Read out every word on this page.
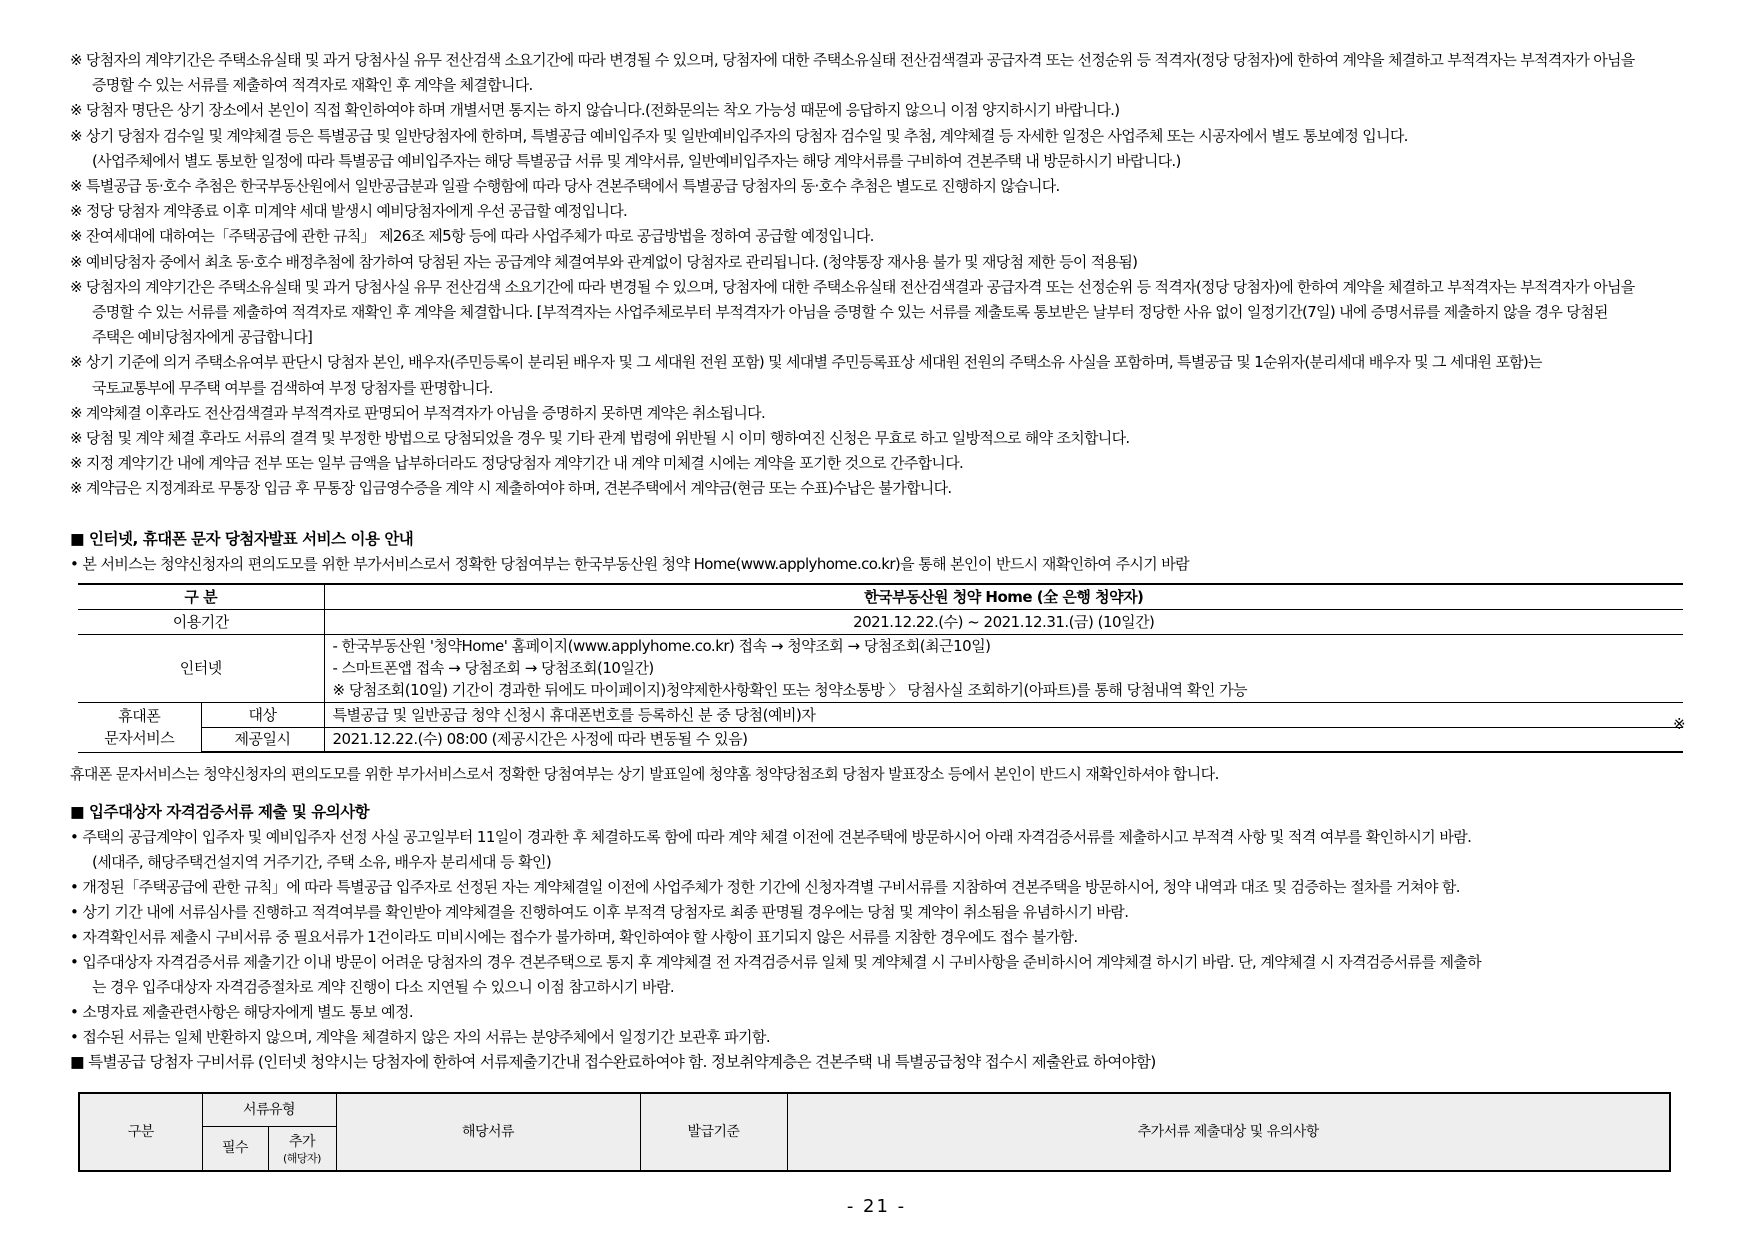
※ 당첨자의 계약기간은 주택소유실태 및 과거 당첨사실 유무 전산검색 소요기간에 따라 변경될 수 있으며, 당첨자에 대한 주택소유실태 전산검색결과 공급자격 또는 선정순위 등 적격자(정당 당첨자)에 한하여 계약을 체결하고 부적격자는 부적격자가 아님을
증명할 수 있는 서류를 제출하여 적격자로 재확인 후 계약을 체결합니다.
※ 당첨자 명단은 상기 장소에서 본인이 직접 확인하여야 하며 개별서면 통지는 하지 않습니다.(전화문의는 착오 가능성 때문에 응답하지 않으니 이점 양지하시기 바랍니다.)
※ 상기 당첨자 검수일 및 계약체결 등은 특별공급 및 일반당첨자에 한하며, 특별공급 예비입주자 및 일반예비입주자의 당첨자 검수일 및 추첨, 계약체결 등 자세한 일정은 사업주체 또는 시공자에서 별도 통보예정 입니다.
(사업주체에서 별도 통보한 일정에 따라 특별공급 예비입주자는 해당 특별공급 서류 및 계약서류, 일반예비입주자는 해당 계약서류를 구비하여 견본주택 내 방문하시기 바랍니다.)
※ 특별공급 동·호수 추첨은 한국부동산원에서 일반공급분과 일괄 수행함에 따라 당사 견본주택에서 특별공급 당첨자의 동·호수 추첨은 별도로 진행하지 않습니다.
※ 정당 당첨자 계약종료 이후 미계약 세대 발생시 예비당첨자에게 우선 공급할 예정입니다.
※ 잔여세대에 대하여는「주택공급에 관한 규칙」 제26조 제5항 등에 따라 사업주체가 따로 공급방법을 정하여 공급할 예정입니다.
※ 예비당첨자 중에서 최초 동·호수 배정추첨에 참가하여 당첨된 자는 공급계약 체결여부와 관계없이 당첨자로 관리됩니다. (청약통장 재사용 불가 및 재당첨 제한 등이 적용됨)
※ 당첨자의 계약기간은 주택소유실태 및 과거 당첨사실 유무 전산검색 소요기간에 따라 변경될 수 있으며, 당첨자에 대한 주택소유실태 전산검색결과 공급자격 또는 선정순위 등 적격자(정당 당첨자)에 한하여 계약을 체결하고 부적격자는 부적격자가 아님을
증명할 수 있는 서류를 제출하여 적격자로 재확인 후 계약을 체결합니다. [부적격자는 사업주체로부터 부적격자가 아님을 증명할 수 있는 서류를 제출토록 통보받은 날부터 정당한 사유 없이 일정기간(7일) 내에 증명서류를 제출하지 않을 경우 당첨된
주택은 예비당첨자에게 공급합니다]
※ 상기 기준에 의거 주택소유여부 판단시 당첨자 본인, 배우자(주민등록이 분리된 배우자 및 그 세대원 전원 포함) 및 세대별 주민등록표상 세대원 전원의 주택소유 사실을 포함하며, 특별공급 및 1순위자(분리세대 배우자 및 그 세대원 포함)는
국토교통부에 무주택 여부를 검색하여 부정 당첨자를 판명합니다.
※ 계약체결 이후라도 전산검색결과 부적격자로 판명되어 부적격자가 아님을 증명하지 못하면 계약은 취소됩니다.
※ 당첨 및 계약 체결 후라도 서류의 결격 및 부정한 방법으로 당첨되었을 경우 및 기타 관계 법령에 위반될 시 이미 행하여진 신청은 무효로 하고 일방적으로 해약 조치합니다.
※ 지정 계약기간 내에 계약금 전부 또는 일부 금액을 납부하더라도 정당당첨자 계약기간 내 계약 미체결 시에는 계약을 포기한 것으로 간주합니다.
※ 계약금은 지정계좌로 무통장 입금 후 무통장 입금영수증을 계약 시 제출하여야 하며, 견본주택에서 계약금(현금 또는 수표)수납은 불가합니다.
■ 인터넷, 휴대폰 문자 당첨자발표 서비스 이용 안내
• 본 서비스는 청약신청자의 편의도모를 위한 부가서비스로서 정확한 당첨여부는 한국부동산원 청약 Home(www.applyhome.co.kr)을 통해 본인이 반드시 재확인하여 주시기 바람
구 분		한국부동산원 청약 Home (全 은행 청약자)
이용기간		2021.12.22.(수) ~ 2021.12.31.(금) (10일간)
인터넷		- 한국부동산원 '청약Home' 홈페이지(www.applyhome.co.kr) 접속 → 청약조회 → 당첨조회(최근10일)
- 스마트폰앱 접속 → 당첨조회 → 당첨조회(10일간)
※ 당첨조회(10일) 기간이 경과한 뒤에도 마이페이지)청약제한사항확인 또는 청약소통방 〉 당첨사실 조회하기(아파트)를 통해 당첨내역 확인 가능

휴대폰
문자서비스	대상	특별공급 및 일반공급 청약 신청시 휴대폰번호를 등록하신 분 중 당첨(예비)자
	제공일시	2021.12.22.(수) 08:00 (제공시간은 사정에 따라 변동될 수 있음)
※
휴대폰 문자서비스는 청약신청자의 편의도모를 위한 부가서비스로서 정확한 당첨여부는 상기 발표일에 청약홈 청약당첨조회 당첨자 발표장소 등에서 본인이 반드시 재확인하셔야 합니다.
■ 입주대상자 자격검증서류 제출 및 유의사항
• 주택의 공급계약이 입주자 및 예비입주자 선정 사실 공고일부터 11일이 경과한 후 체결하도록 함에 따라 계약 체결 이전에 견본주택에 방문하시어 아래 자격검증서류를 제출하시고 부적격 사항 및 적격 여부를 확인하시기 바람.
(세대주, 해당주택건설지역 거주기간, 주택 소유, 배우자 분리세대 등 확인)
• 개정된「주택공급에 관한 규칙」에 따라 특별공급 입주자로 선정된 자는 계약체결일 이전에 사업주체가 정한 기간에 신청자격별 구비서류를 지참하여 견본주택을 방문하시어, 청약 내역과 대조 및 검증하는 절차를 거쳐야 함.
• 상기 기간 내에 서류심사를 진행하고 적격여부를 확인받아 계약체결을 진행하여도 이후 부적격 당첨자로 최종 판명될 경우에는 당첨 및 계약이 취소됨을 유념하시기 바람.
• 자격확인서류 제출시 구비서류 중 필요서류가 1건이라도 미비시에는 접수가 불가하며, 확인하여야 할 사항이 표기되지 않은 서류를 지참한 경우에도 접수 불가함.
• 입주대상자 자격검증서류 제출기간 이내 방문이 어려운 당첨자의 경우 견본주택으로 통지 후 계약체결 전 자격검증서류 일체 및 계약체결 시 구비사항을 준비하시어 계약체결 하시기 바람. 단, 계약체결 시 자격검증서류를 제출하
는 경우 입주대상자 자격검증절차로 계약 진행이 다소 지연될 수 있으니 이점 참고하시기 바람.
• 소명자료 제출관련사항은 해당자에게 별도 통보 예정.
• 접수된 서류는 일체 반환하지 않으며, 계약을 체결하지 않은 자의 서류는 분양주체에서 일정기간 보관후 파기함.
■ 특별공급 당첨자 구비서류 (인터넷 청약시는 당첨자에 한하여 서류제출기간내 접수완료하여야 함. 정보취약계층은 견본주택 내 특별공급청약 접수시 제출완료 하여야함)
구분	서류유형		해당서류	발급기준	추가서류 제출대상 및 유의사항
	필수	추가
(해당자)			
- 21 -
